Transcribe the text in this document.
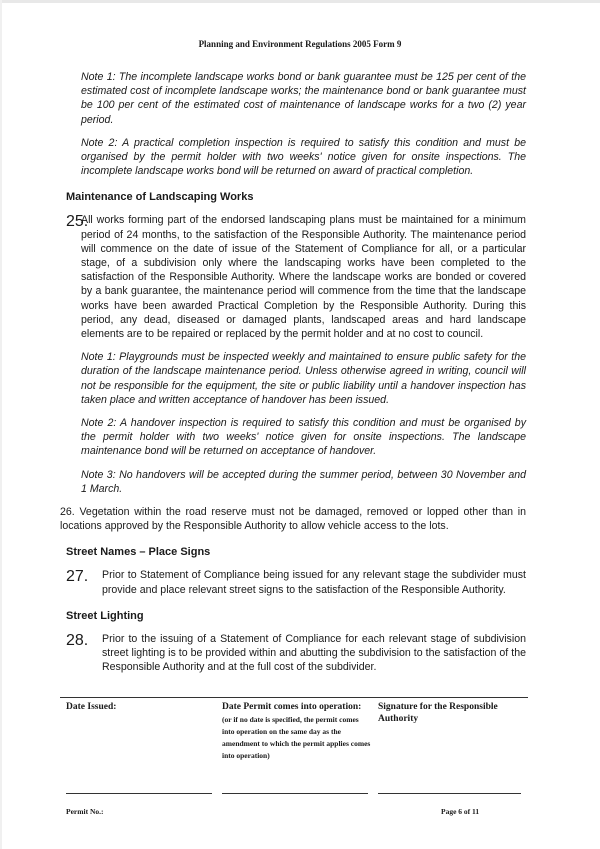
Planning and Environment Regulations 2005 Form 9

Note 1: The incomplete landscape works bond or bank guarantee must be 125 per cent of the estimated cost of incomplete landscape works; the maintenance bond or bank guarantee must be 100 per cent of the estimated cost of maintenance of landscape works for a two (2) year period.

Note 2: A practical completion inspection is required to satisfy this condition and must be organised by the permit holder with two weeks' notice given for onsite inspections. The incomplete landscape works bond will be returned on award of practical completion.

Maintenance of Landscaping Works
25.
All works forming part of the endorsed landscaping plans must be maintained for a minimum period of 24 months, to the satisfaction of the Responsible Authority. The maintenance period will commence on the date of issue of the Statement of Compliance for all, or a particular stage, of a subdivision only where the landscaping works have been completed to the satisfaction of the Responsible Authority. Where the landscape works are bonded or covered by a bank guarantee, the maintenance period will commence from the time that the landscape works have been awarded Practical Completion by the Responsible Authority. During this period, any dead, diseased or damaged plants, landscaped areas and hard landscape elements are to be repaired or replaced by the permit holder and at no cost to council.

Note 1: Playgrounds must be inspected weekly and maintained to ensure public safety for the duration of the landscape maintenance period. Unless otherwise agreed in writing, council will not be responsible for the equipment, the site or public liability until a handover inspection has taken place and written acceptance of handover has been issued.

Note 2: A handover inspection is required to satisfy this condition and must be organised by the permit holder with two weeks' notice given for onsite inspections. The landscape maintenance bond will be returned on acceptance of handover.

Note 3: No handovers will be accepted during the summer period, between 30 November and 1 March.

26. Vegetation within the road reserve must not be damaged, removed or lopped other than in locations approved by the Responsible Authority to allow vehicle access to the lots.

Street Names – Place Signs
27.	Prior to Statement of Compliance being issued for any relevant stage the subdivider must provide and place relevant street signs to the satisfaction of the Responsible Authority.
Street Lighting
28.	Prior to the issuing of a Statement of Compliance for each relevant stage of subdivision street lighting is to be provided within and abutting the subdivision to the satisfaction of the Responsible Authority and at the full cost of the subdivider.
Date Issued:	Date Permit comes into operation:
(or if no date is specified, the permit comes into operation on the same day as the amendment to which the permit applies comes into operation)
Signature for the Responsible Authority
Permit No.:	Page 6 of 11
